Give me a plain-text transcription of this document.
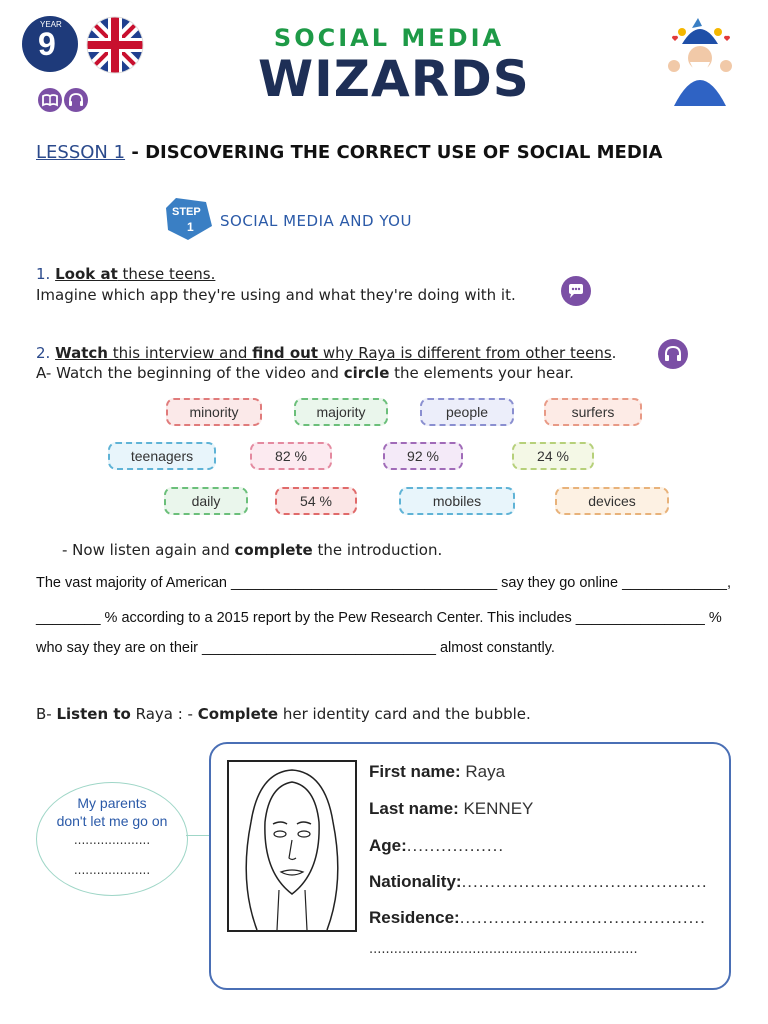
YEAR
9	SOCIAL MEDIA
WIZARDS
LESSON 1 - DISCOVERING THE CORRECT USE OF SOCIAL MEDIA
STEP
1 SOCIAL MEDIA AND YOU
1. Look at these teens.
Imagine which app they're using and what they're doing with it.
2. Watch this interview and find out why Raya is different from other teens.
A- Watch the beginning of the video and circle the elements your hear.
minority	majority	people	surfers
teenagers	82 %	92 %	24 %
daily	54 %	mobiles	devices
- Now listen again and complete the introduction.
The vast majority of American _________________________________ say they go online _____________,
________ % according to a 2015 report by the Pew Research Center. This includes ________________ %
who say they are on their _____________________________ almost constantly.
B- Listen to Raya : - Complete her identity card and the bubble.
My parents
don't let me go on
....................
....................
First name: Raya
Last name: KENNEY
Age:.................
Nationality:...........................................
Residence:...........................................
.................................................................
